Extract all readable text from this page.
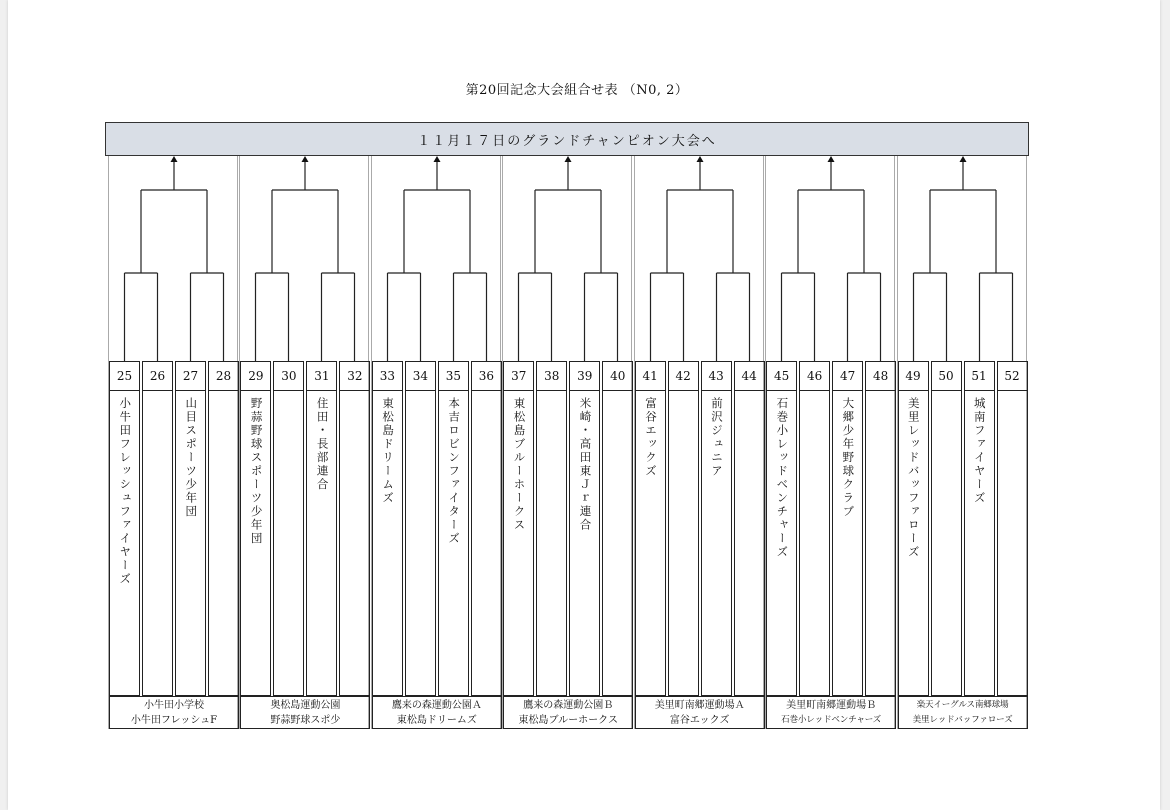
第20回記念大会組合せ表 （N0, 2）
１１月１７日のグランドチャンピオン大会へ
25
小牛田フレッシュファイヤーズ
26	27
山目スポーツ少年団
28
小牛田小学校
小牛田フレッシュF
29
野蒜野球スポーツ少年団
30	31
住田・長部連合
32
奥松島運動公園
野蒜野球スポ少
33
東松島ドリームズ
34	35
本吉ロビンファイターズ
36
鷹来の森運動公園Ａ
東松島ドリームズ
37
東松島ブルーホークス
38	39
米崎・高田東Ｊｒ連合
40
鷹来の森運動公園Ｂ
東松島ブルーホークス
41
富谷エックズ
42	43
前沢ジュニア
44
美里町南郷運動場Ａ
富谷エックズ
45
石巻小レッドベンチャーズ
46	47
大郷少年野球クラブ
48
美里町南郷運動場Ｂ
石巻小レッドベンチャーズ
49
美里レッドバッファローズ
50	51
城南ファイヤーズ
52
楽天イーグルス南郷球場
美里レッドバッファローズ
